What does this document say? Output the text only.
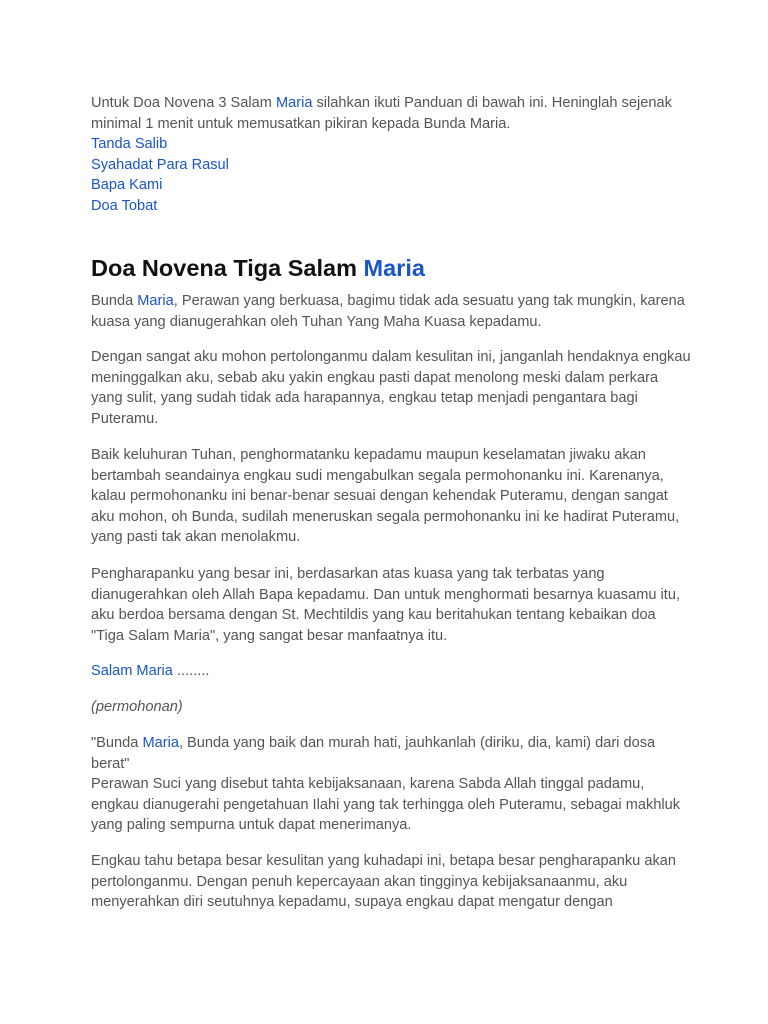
Untuk Doa Novena 3 Salam Maria silahkan ikuti Panduan di bawah ini. Heninglah sejenak minimal 1 menit untuk memusatkan pikiran kepada Bunda Maria.

Tanda Salib
Syahadat Para Rasul
Bapa Kami
Doa Tobat
Doa Novena Tiga Salam Maria

Bunda Maria, Perawan yang berkuasa, bagimu tidak ada sesuatu yang tak mungkin, karena kuasa yang dianugerahkan oleh Tuhan Yang Maha Kuasa kepadamu.

Dengan sangat aku mohon pertolonganmu dalam kesulitan ini, janganlah hendaknya engkau meninggalkan aku, sebab aku yakin engkau pasti dapat menolong meski dalam perkara yang sulit, yang sudah tidak ada harapannya, engkau tetap menjadi pengantara bagi Puteramu.

Baik keluhuran Tuhan, penghormatanku kepadamu maupun keselamatan jiwaku akan bertambah seandainya engkau sudi mengabulkan segala permohonanku ini. Karenanya, kalau permohonanku ini benar-benar sesuai dengan kehendak Puteramu, dengan sangat aku mohon, oh Bunda, sudilah meneruskan segala permohonanku ini ke hadirat Puteramu, yang pasti tak akan menolakmu.

Pengharapanku yang besar ini, berdasarkan atas kuasa yang tak terbatas yang dianugerahkan oleh Allah Bapa kepadamu. Dan untuk menghormati besarnya kuasamu itu, aku berdoa bersama dengan St. Mechtildis yang kau beritahukan tentang kebaikan doa "Tiga Salam Maria", yang sangat besar manfaatnya itu.

Salam Maria ........

(permohonan)

"Bunda Maria, Bunda yang baik dan murah hati, jauhkanlah (diriku, dia, kami) dari dosa berat"
Perawan Suci yang disebut tahta kebijaksanaan, karena Sabda Allah tinggal padamu, engkau dianugerahi pengetahuan Ilahi yang tak terhingga oleh Puteramu, sebagai makhluk yang paling sempurna untuk dapat menerimanya.

Engkau tahu betapa besar kesulitan yang kuhadapi ini, betapa besar pengharapanku akan pertolonganmu. Dengan penuh kepercayaan akan tingginya kebijaksanaanmu, aku menyerahkan diri seutuhnya kepadamu, supaya engkau dapat mengatur dengan
